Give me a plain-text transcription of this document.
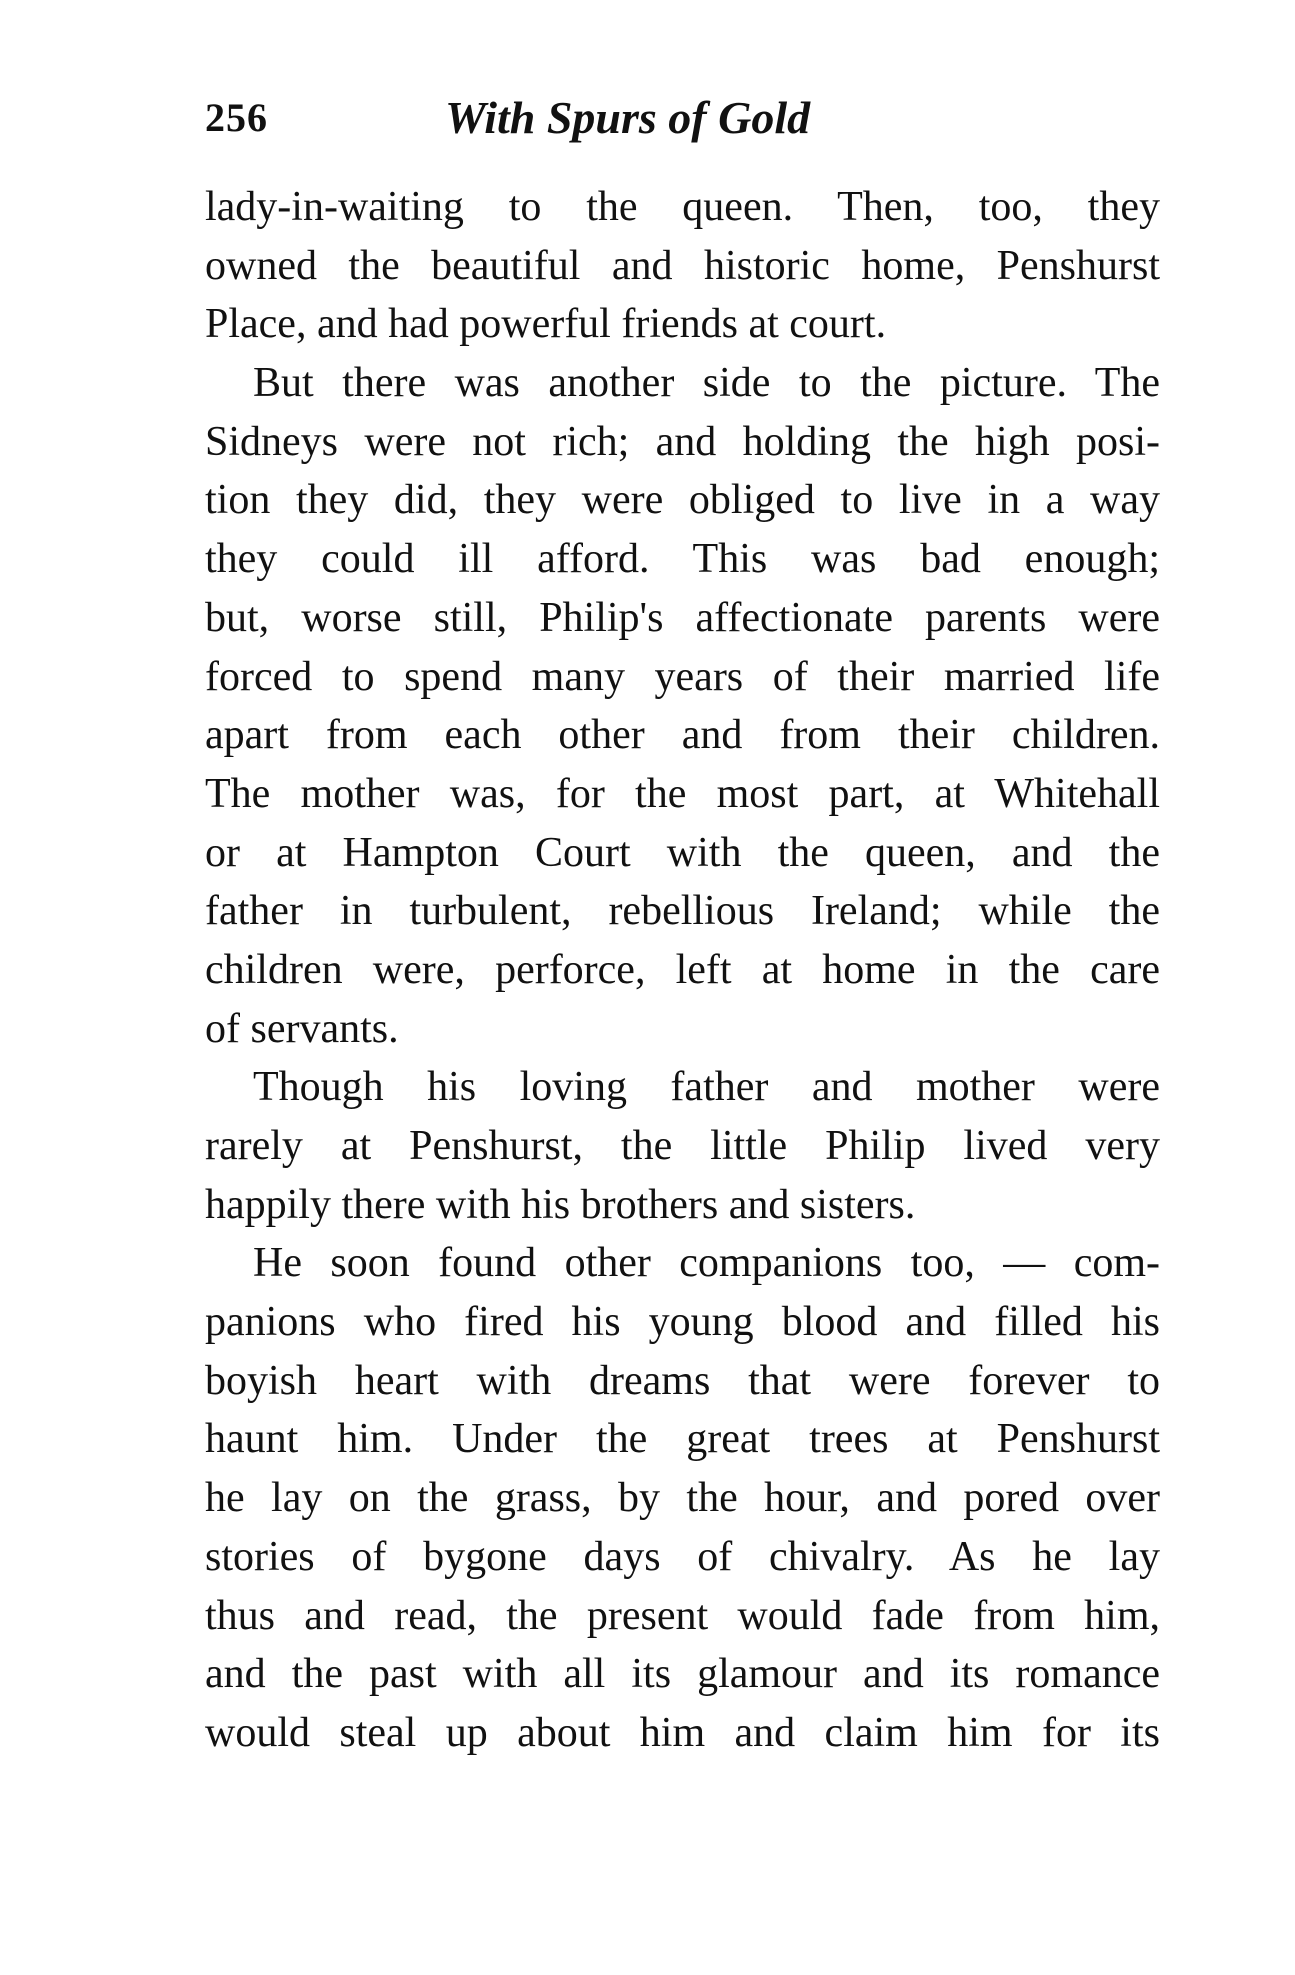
256	With Spurs of Gold
lady-in-waiting to the queen. Then, too, they
owned the beautiful and historic home, Penshurst
Place, and had powerful friends at court.
But there was another side to the picture. The
Sidneys were not rich; and holding the high posi-
tion they did, they were obliged to live in a way
they could ill afford. This was bad enough;
but, worse still, Philip's affectionate parents were
forced to spend many years of their married life
apart from each other and from their children.
The mother was, for the most part, at Whitehall
or at Hampton Court with the queen, and the
father in turbulent, rebellious Ireland; while the
children were, perforce, left at home in the care
of servants.
Though his loving father and mother were
rarely at Penshurst, the little Philip lived very
happily there with his brothers and sisters.
He soon found other companions too, — com-
panions who fired his young blood and filled his
boyish heart with dreams that were forever to
haunt him. Under the great trees at Penshurst
he lay on the grass, by the hour, and pored over
stories of bygone days of chivalry. As he lay
thus and read, the present would fade from him,
and the past with all its glamour and its romance
would steal up about him and claim him for its
